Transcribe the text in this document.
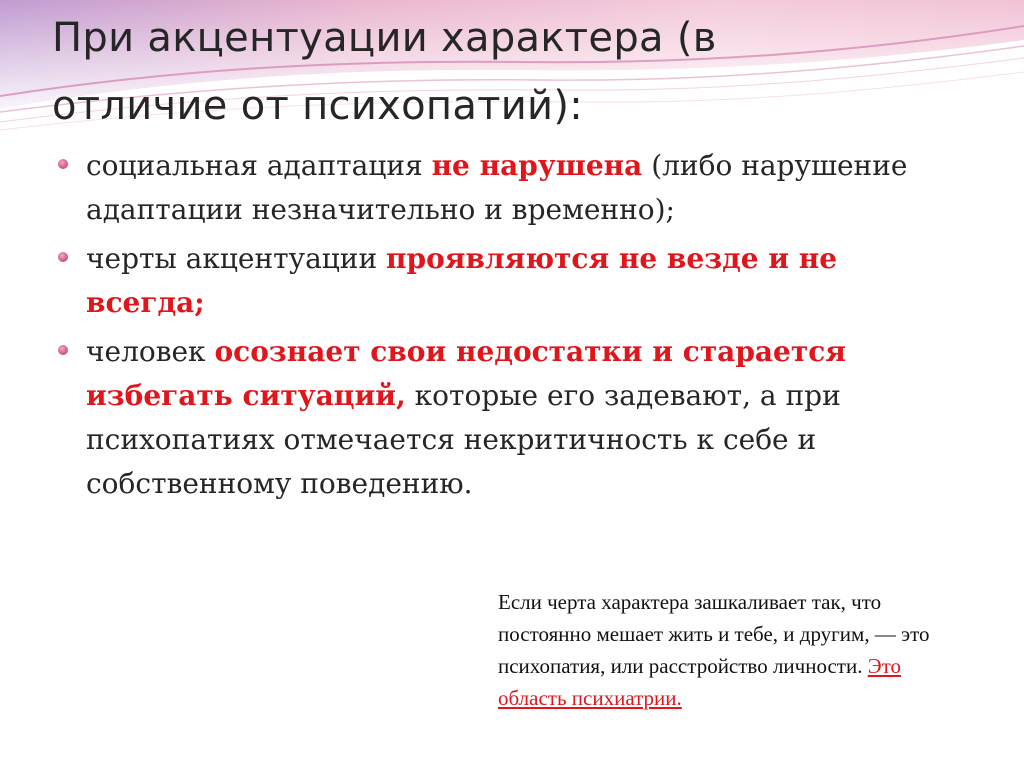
При акцентуации характера (в
отличие от психопатий):
социальная адаптация не нарушена (либо нарушение адаптации незначительно и временно);
черты акцентуации проявляются не везде и не всегда;
человек осознает свои недостатки и старается избегать ситуаций, которые его задевают, а при психопатиях отмечается некритичность к себе и собственному поведению.
Если черта характера зашкаливает так, что постоянно мешает жить и тебе, и другим, — это психопатия, или расстройство личности. Это область психиатрии.
